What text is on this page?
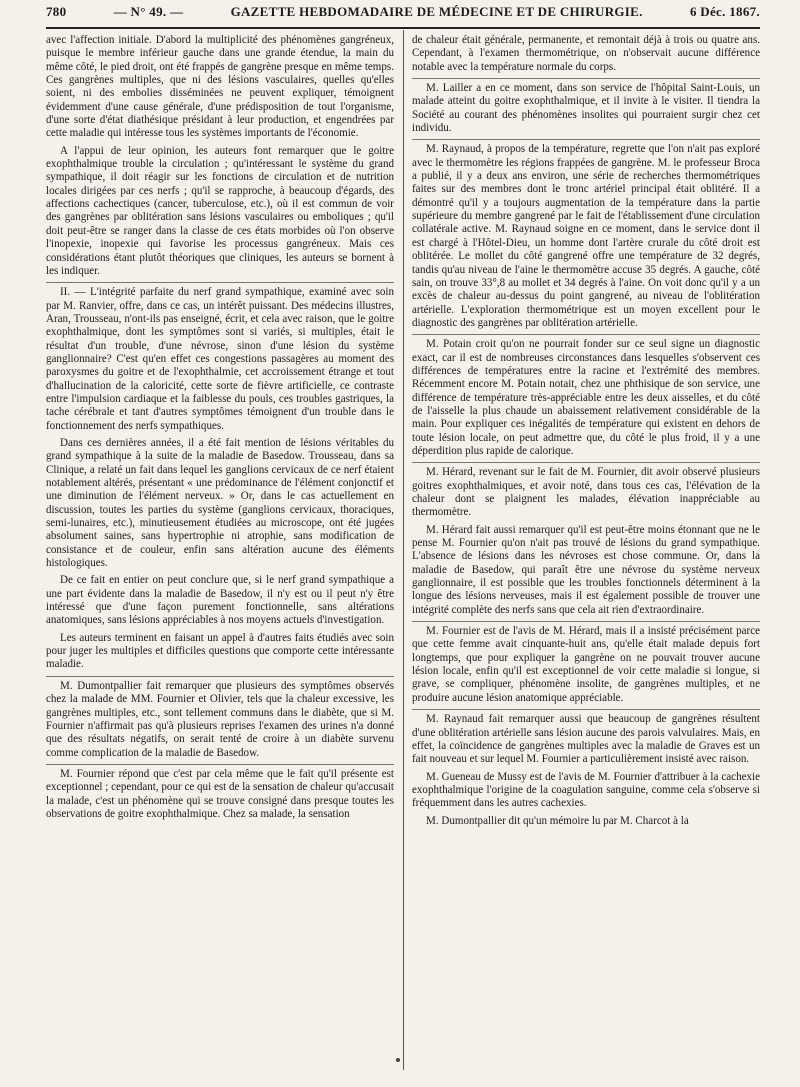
780	— N° 49. —	GAZETTE HEBDOMADAIRE DE MÉDECINE ET DE CHIRURGIE.	6 Déc. 1867.

avec l'affection initiale. D'abord la multiplicité des phénomènes gangréneux, puisque le membre inférieur gauche dans une grande étendue, la main du même côté, le pied droit, ont été frappés de gangrène presque en même temps. Ces gangrènes multiples, que ni des lésions vasculaires, quelles qu'elles soient, ni des embolies disséminées ne peuvent expliquer, témoignent évidemment d'une cause générale, d'une prédisposition de tout l'organisme, d'une sorte d'état diathésique présidant à leur production, et engendrées par cette maladie qui intéresse tous les systèmes importants de l'économie.

A l'appui de leur opinion, les auteurs font remarquer que le goitre exophthalmique trouble la circulation ; qu'intéressant le système du grand sympathique, il doit réagir sur les fonctions de circulation et de nutrition locales dirigées par ces nerfs ; qu'il se rapproche, à beaucoup d'égards, des affections cachectiques (cancer, tuberculose, etc.), où il est commun de voir des gangrènes par oblitération sans lésions vasculaires ou emboliques ; qu'il doit peut-être se ranger dans la classe de ces états morbides où l'on observe l'inopexie, inopexie qui favorise les processus gangréneux. Mais ces considérations étant plutôt théoriques que cliniques, les auteurs se bornent à les indiquer.

II. — L'intégrité parfaite du nerf grand sympathique, examiné avec soin par M. Ranvier, offre, dans ce cas, un intérêt puissant. Des médecins illustres, Aran, Trousseau, n'ont-ils pas enseigné, écrit, et cela avec raison, que le goitre exophthalmique, dont les symptômes sont si variés, si multiples, était le résultat d'un trouble, d'une névrose, sinon d'une lésion du système ganglionnaire? C'est qu'en effet ces congestions passagères au moment des paroxysmes du goitre et de l'exophthalmie, cet accroissement étrange et tout d'hallucination de la caloricité, cette sorte de fièvre artificielle, ce contraste entre l'impulsion cardiaque et la faiblesse du pouls, ces troubles gastriques, la tache cérébrale et tant d'autres symptômes témoignent d'un trouble dans le fonctionnement des nerfs sympathiques.

Dans ces dernières années, il a été fait mention de lésions véritables du grand sympathique à la suite de la maladie de Basedow. Trousseau, dans sa Clinique, a relaté un fait dans lequel les ganglions cervicaux de ce nerf étaient notablement altérés, présentant « une prédominance de l'élément conjonctif et une diminution de l'élément nerveux. » Or, dans le cas actuellement en discussion, toutes les parties du système (ganglions cervicaux, thoraciques, semi-lunaires, etc.), minutieusement étudiées au microscope, ont été jugées absolument saines, sans hypertrophie ni atrophie, sans modification de consistance et de couleur, enfin sans altération aucune des éléments histologiques.

De ce fait en entier on peut conclure que, si le nerf grand sympathique a une part évidente dans la maladie de Basedow, il n'y est ou il peut n'y être intéressé que d'une façon purement fonctionnelle, sans altérations anatomiques, sans lésions appréciables à nos moyens actuels d'investigation.

Les auteurs terminent en faisant un appel à d'autres faits étudiés avec soin pour juger les multiples et difficiles questions que comporte cette intéressante maladie.

M. Dumontpallier fait remarquer que plusieurs des symptômes observés chez la malade de MM. Fournier et Olivier, tels que la chaleur excessive, les gangrènes multiples, etc., sont tellement communs dans le diabète, que si M. Fournier n'affirmait pas qu'à plusieurs reprises l'examen des urines n'a donné que des résultats négatifs, on serait tenté de croire à un diabète survenu comme complication de la maladie de Basedow.

M. Fournier répond que c'est par cela même que le fait qu'il présente est exceptionnel ; cependant, pour ce qui est de la sensation de chaleur qu'accusait la malade, c'est un phénomène qui se trouve consigné dans presque toutes les observations de goitre exophthalmique. Chez sa malade, la sensation

de chaleur était générale, permanente, et remontait déjà à trois ou quatre ans. Cependant, à l'examen thermométrique, on n'observait aucune différence notable avec la température normale du corps.

M. Lailler a en ce moment, dans son service de l'hôpital Saint-Louis, un malade atteint du goitre exophthalmique, et il invite à le visiter. Il tiendra la Société au courant des phénomènes insolites qui pourraient surgir chez cet individu.

M. Raynaud, à propos de la température, regrette que l'on n'ait pas exploré avec le thermomètre les régions frappées de gangrène. M. le professeur Broca a publié, il y a deux ans environ, une série de recherches thermométriques faites sur des membres dont le tronc artériel principal était oblitéré. Il a démontré qu'il y a toujours augmentation de la température dans la partie supérieure du membre gangrené par le fait de l'établissement d'une circulation collatérale active. M. Raynaud soigne en ce moment, dans le service dont il est chargé à l'Hôtel-Dieu, un homme dont l'artère crurale du côté droit est oblitérée. Le mollet du côté gangrené offre une température de 32 degrés, tandis qu'au niveau de l'aine le thermomètre accuse 35 degrés. A gauche, côté sain, on trouve 33°,8 au mollet et 34 degrés à l'aine. On voit donc qu'il y a un excès de chaleur au-dessus du point gangrené, au niveau de l'oblitération artérielle. L'exploration thermométrique est un moyen excellent pour le diagnostic des gangrènes par oblitération artérielle.

M. Potain croit qu'on ne pourrait fonder sur ce seul signe un diagnostic exact, car il est de nombreuses circonstances dans lesquelles s'observent ces différences de températures entre la racine et l'extrémité des membres. Récemment encore M. Potain notait, chez une phthisique de son service, une différence de température très-appréciable entre les deux aisselles, et du côté de l'aisselle la plus chaude un abaissement relativement considérable de la main. Pour expliquer ces inégalités de température qui existent en dehors de toute lésion locale, on peut admettre que, du côté le plus froid, il y a une déperdition plus rapide de calorique.

M. Hérard, revenant sur le fait de M. Fournier, dit avoir observé plusieurs goitres exophthalmiques, et avoir noté, dans tous ces cas, l'élévation de la chaleur dont se plaignent les malades, élévation inappréciable au thermomètre.

M. Hérard fait aussi remarquer qu'il est peut-être moins étonnant que ne le pense M. Fournier qu'on n'ait pas trouvé de lésions du grand sympathique. L'absence de lésions dans les névroses est chose commune. Or, dans la maladie de Basedow, qui paraît être une névrose du système nerveux ganglionnaire, il est possible que les troubles fonctionnels déterminent à la longue des lésions nerveuses, mais il est également possible de trouver une intégrité complète des nerfs sans que cela ait rien d'extraordinaire.

M. Fournier est de l'avis de M. Hérard, mais il a insisté précisément parce que cette femme avait cinquante-huit ans, qu'elle était malade depuis fort longtemps, que pour expliquer la gangrène on ne pouvait trouver aucune lésion locale, enfin qu'il est exceptionnel de voir cette maladie si longue, si grave, se compliquer, phénomène insolite, de gangrènes multiples, et ne produire aucune lésion anatomique appréciable.

M. Raynaud fait remarquer aussi que beaucoup de gangrènes résultent d'une oblitération artérielle sans lésion aucune des parois valvulaires. Mais, en effet, la coïncidence de gangrènes multiples avec la maladie de Graves est un fait nouveau et sur lequel M. Fournier a particulièrement insisté avec raison.

M. Gueneau de Mussy est de l'avis de M. Fournier d'attribuer à la cachexie exophthalmique l'origine de la coagulation sanguine, comme cela s'observe si fréquemment dans les autres cachexies.

M. Dumontpallier dit qu'un mémoire lu par M. Charcot à la
